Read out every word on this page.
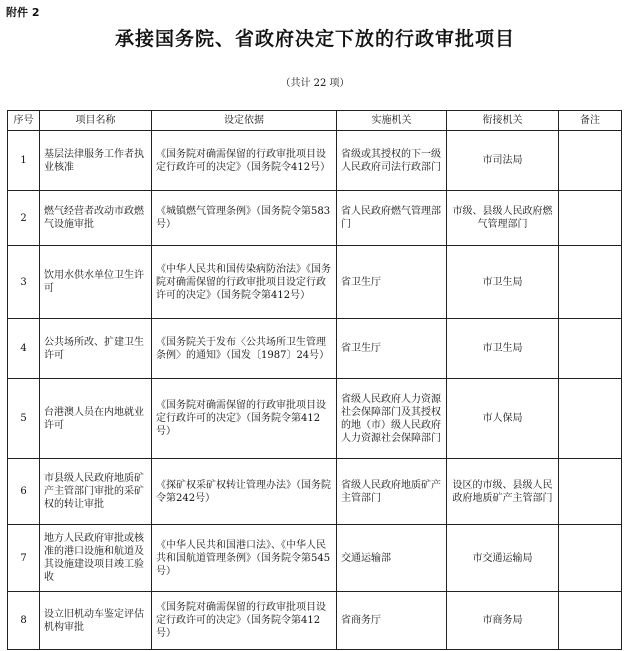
附件 2
承接国务院、省政府决定下放的行政审批项目
（共计 22 项）
序号	项目名称	设定依据	实施机关	衔接机关	备注
1	基层法律服务工作者执业核准	《国务院对确需保留的行政审批项目设定行政许可的决定》（国务院令412号）	省级或其授权的下一级人民政府司法行政部门	市司法局	
2	燃气经营者改动市政燃气设施审批	《城镇燃气管理条例》（国务院令第583号）	省人民政府燃气管理部门	市级、县级人民政府燃气管理部门	
3	饮用水供水单位卫生许可	《中华人民共和国传染病防治法》《国务院对确需保留的行政审批项目设定行政许可的决定》（国务院令第412号）	省卫生厅	市卫生局	
4	公共场所改、扩建卫生许可	《国务院关于发布〈公共场所卫生管理条例〉的通知》（国发〔1987〕24号）	省卫生厅	市卫生局	
5	台港澳人员在内地就业许可	《国务院对确需保留的行政审批项目设定行政许可的决定》（国务院令第412号）	省级人民政府人力资源社会保障部门及其授权的地（市）级人民政府人力资源社会保障部门	市人保局	
6	市县级人民政府地质矿产主管部门审批的采矿权的转让审批	《探矿权采矿权转让管理办法》（国务院令第242号）	省级人民政府地质矿产主管部门	设区的市级、县级人民政府地质矿产主管部门	
7	地方人民政府审批或核准的港口设施和航道及其设施建设项目竣工验收	《中华人民共和国港口法》、《中华人民共和国航道管理条例》（国务院令第545号）	交通运输部	市交通运输局	
8	设立旧机动车鉴定评估机构审批	《国务院对确需保留的行政审批项目设定行政许可的决定》（国务院令第412号）	省商务厅	市商务局	
